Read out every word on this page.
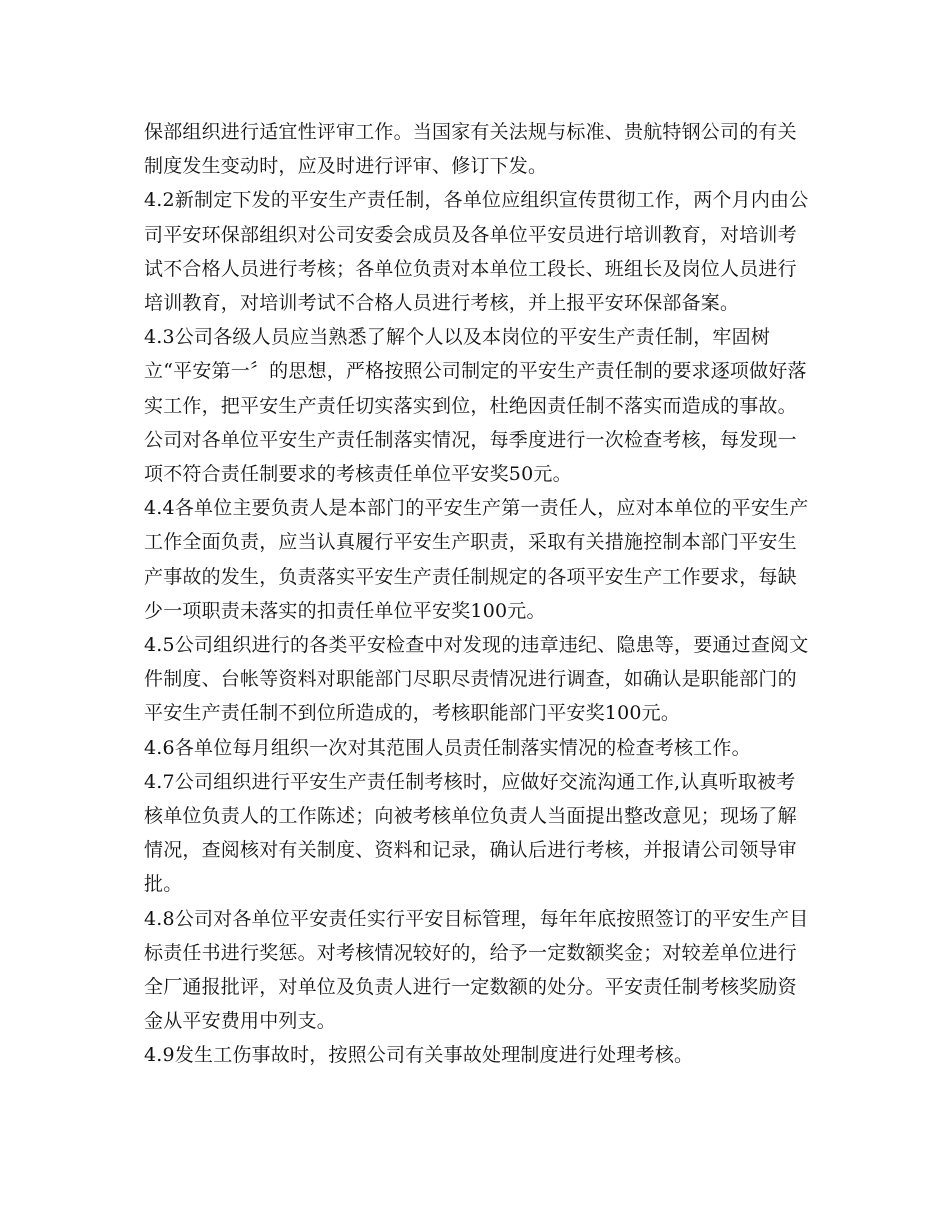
保部组织进行适宜性评审工作。当国家有关法规与标准、贵航特钢公司的有关制度发生变动时，应及时进行评审、修订下发。

4.2新制定下发的平安生产责任制，各单位应组织宣传贯彻工作，两个月内由公司平安环保部组织对公司安委会成员及各单位平安员进行培训教育，对培训考试不合格人员进行考核；各单位负责对本单位工段长、班组长及岗位人员进行培训教育，对培训考试不合格人员进行考核，并上报平安环保部备案。

4.3公司各级人员应当熟悉了解个人以及本岗位的平安生产责任制，牢固树立“平安第一〞的思想，严格按照公司制定的平安生产责任制的要求逐项做好落实工作，把平安生产责任切实落实到位，杜绝因责任制不落实而造成的事故。公司对各单位平安生产责任制落实情况，每季度进行一次检查考核，每发现一项不符合责任制要求的考核责任单位平安奖50元。

4.4各单位主要负责人是本部门的平安生产第一责任人，应对本单位的平安生产工作全面负责，应当认真履行平安生产职责，采取有关措施控制本部门平安生产事故的发生，负责落实平安生产责任制规定的各项平安生产工作要求，每缺少一项职责未落实的扣责任单位平安奖100元。

4.5公司组织进行的各类平安检查中对发现的违章违纪、隐患等，要通过查阅文件制度、台帐等资料对职能部门尽职尽责情况进行调查，如确认是职能部门的平安生产责任制不到位所造成的，考核职能部门平安奖100元。

4.6各单位每月组织一次对其范围人员责任制落实情况的检查考核工作。

4.7公司组织进行平安生产责任制考核时，应做好交流沟通工作,认真听取被考核单位负责人的工作陈述；向被考核单位负责人当面提出整改意见；现场了解情况，查阅核对有关制度、资料和记录，确认后进行考核，并报请公司领导审批。

4.8公司对各单位平安责任实行平安目标管理，每年年底按照签订的平安生产目标责任书进行奖惩。对考核情况较好的，给予一定数额奖金；对较差单位进行全厂通报批评，对单位及负责人进行一定数额的处分。平安责任制考核奖励资金从平安费用中列支。

4.9发生工伤事故时，按照公司有关事故处理制度进行处理考核。
